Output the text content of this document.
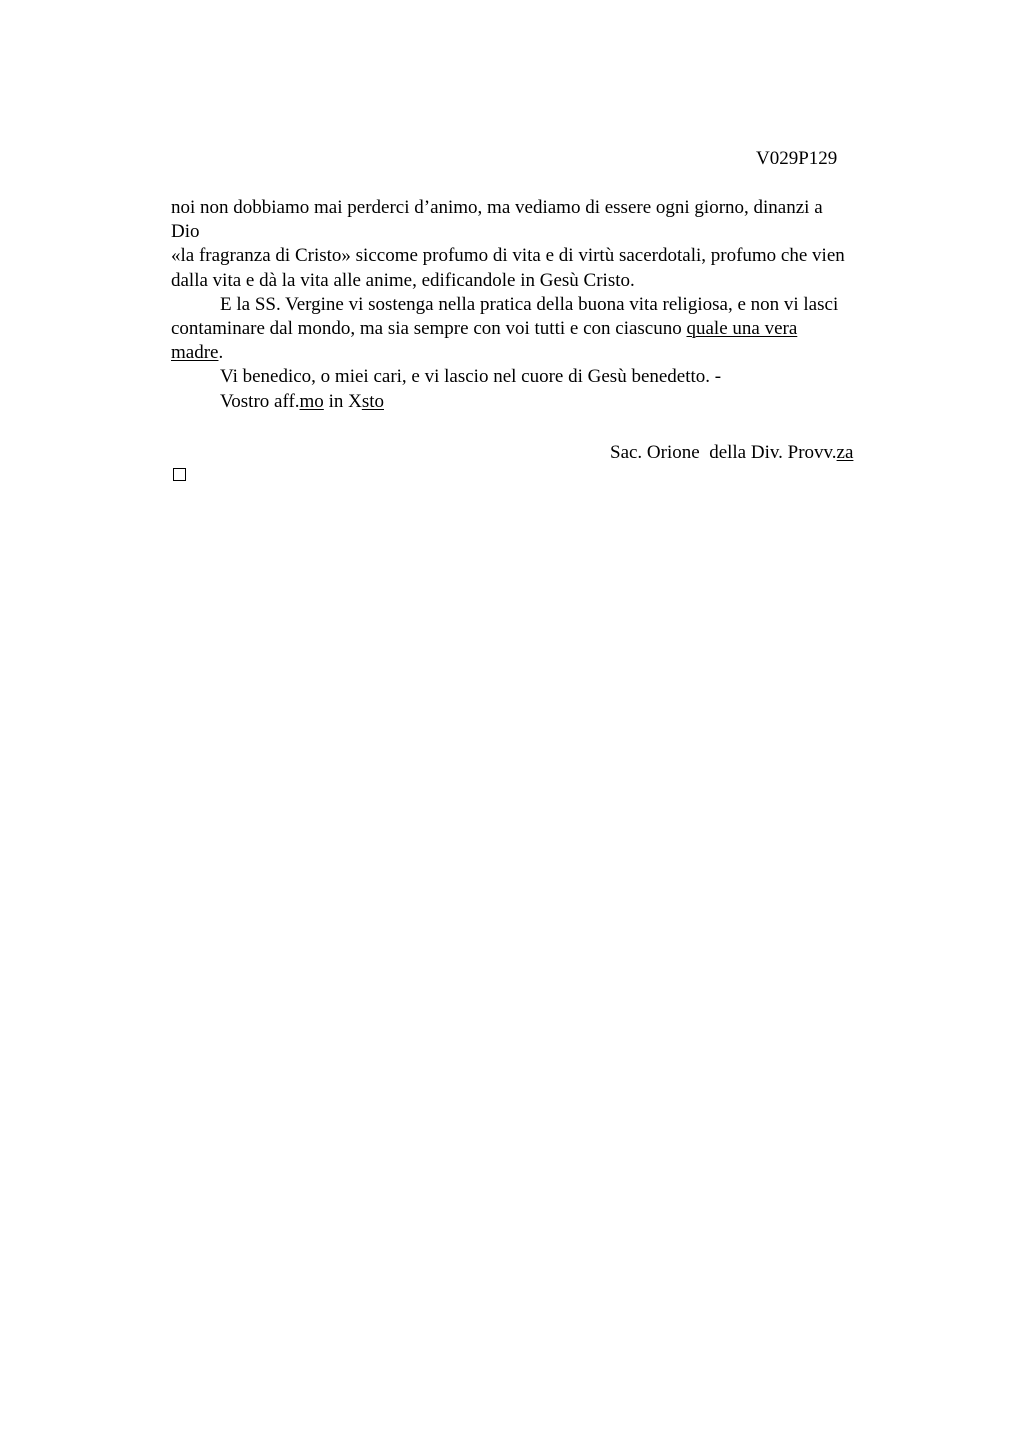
V029P129
noi non dobbiamo mai perderci d’animo, ma vediamo di essere ogni giorno, dinanzi a
Dio
«la fragranza di Cristo» siccome profumo di vita e di virtù sacerdotali, profumo che vien
dalla vita e dà la vita alle anime, edificandole in Gesù Cristo.
E la SS. Vergine vi sostenga nella pratica della buona vita religiosa, e non vi lasci
contaminare dal mondo, ma sia sempre con voi tutti e con ciascuno quale una vera
madre.
Vi benedico, o miei cari, e vi lascio nel cuore di Gesù benedetto. -
Vostro aff.mo in Xsto
Sac. Orione  della Div. Provv.za
